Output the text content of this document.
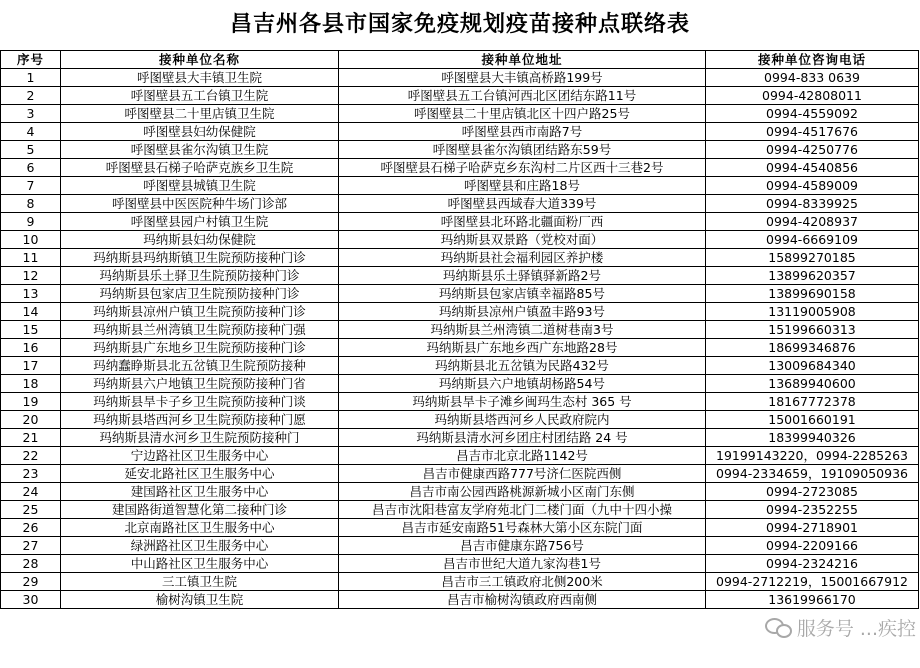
昌吉州各县市国家免疫规划疫苗接种点联络表
序号	接种单位名称	接种单位地址	接种单位咨询电话
1	呼图壁县大丰镇卫生院	呼图壁县大丰镇高桥路199号	0994-833 0639
2	呼图壁县五工台镇卫生院	呼图壁县五工台镇河西北区团结东路11号	0994-42808011
3	呼图壁县二十里店镇卫生院	呼图壁县二十里店镇北区十四户路25号	0994-4559092
4	呼图壁县妇幼保健院	呼图壁县西市南路7号	0994-4517676
5	呼图壁县雀尔沟镇卫生院	呼图壁县雀尔沟镇团结路东59号	0994-4250776
6	呼图壁县石梯子哈萨克族乡卫生院	呼图壁县石梯子哈萨克乡东沟村二片区西十三巷2号	0994-4540856
7	呼图壁县城镇卫生院	呼图壁县和庄路18号	0994-4589009
8	呼图壁县中医医院种牛场门诊部	呼图壁县西域春大道339号	0994-8339925
9	呼图壁县园户村镇卫生院	呼图壁县北环路北疆面粉厂西	0994-4208937
10	玛纳斯县妇幼保健院	玛纳斯县双景路（党校对面）	0994-6669109
11	玛纳斯县玛纳斯镇卫生院预防接种门诊	玛纳斯县社会福利园区养护楼	15899270185
12	玛纳斯县乐土驿卫生院预防接种门诊	玛纳斯县乐土驿镇驿新路2号	13899620357
13	玛纳斯县包家店卫生院预防接种门诊	玛纳斯县包家店镇幸福路85号	13899690158
14	玛纳斯县凉州户镇卫生院预防接种门诊	玛纳斯县凉州户镇盈丰路93号	13119005908
15	玛纳斯县兰州湾镇卫生院预防接种门强	玛纳斯县兰州湾镇二道树巷南3号	15199660313
16	玛纳斯县广东地乡卫生院预防接种门诊	玛纳斯县广东地乡西广东地路28号	18699346876
17	玛纳蠢睁斯县北五岔镇卫生院预防接种	玛纳斯县北五岔镇为民路432号	13009684340
18	玛纳斯县六户地镇卫生院预防接种门省	玛纳斯县六户地镇胡杨路54号	13689940600
19	玛纳斯县旱卡子乡卫生院预防接种门谈	玛纳斯县旱卡子滩乡闽玛生态村 365 号	18167772378
20	玛纳斯县塔西河乡卫生院预防接种门愿	玛纳斯县塔西河乡人民政府院内	15001660191
21	玛纳斯县清水河乡卫生院预防接种门	玛纳斯县清水河乡团庄村团结路 24 号	18399940326
22	宁边路社区卫生服务中心	昌吉市北京北路1142号	19199143220，0994-2285263
23	延安北路社区卫生服务中心	昌吉市健康西路777号济仁医院西侧	0994-2334659，19109050936
24	建国路社区卫生服务中心	昌吉市南公园西路桃源新城小区南门东侧	0994-2723085
25	建国路街道智慧化第二接种门诊	昌吉市沈阳巷富友学府苑北门二楼门面（九中十四小操	0994-2352255
26	北京南路社区卫生服务中心	昌吉市延安南路51号森林大第小区东院门面	0994-2718901
27	绿洲路社区卫生服务中心	昌吉市健康东路756号	0994-2209166
28	中山路社区卫生服务中心	昌吉市世纪大道九家沟巷1号	0994-2324216
29	三工镇卫生院	昌吉市三工镇政府北侧200米	0994-2712219，15001667912
30	榆树沟镇卫生院	昌吉市榆树沟镇政府西南侧	13619966170
服务号 ...疾控
